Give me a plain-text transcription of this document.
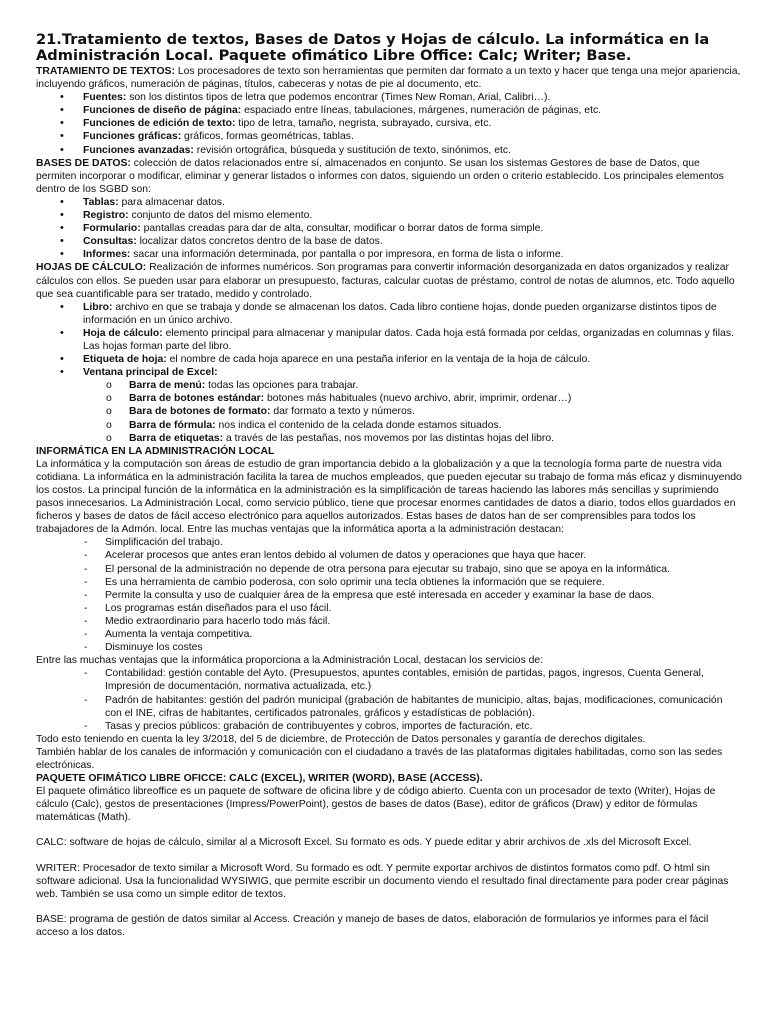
21.Tratamiento de textos, Bases de Datos y Hojas de cálculo. La informática en la Administración Local. Paquete ofimático Libre Office: Calc; Writer; Base.

TRATAMIENTO DE TEXTOS: Los procesadores de texto son herramientas que permiten dar formato a un texto y hacer que tenga una mejor apariencia, incluyendo gráficos, numeración de páginas, títulos, cabeceras y notas de pie al documento, etc.

• Fuentes: son los distintos tipos de letra que podemos encontrar (Times New Roman, Arial, Calibri…).
• Funciones de diseño de página: espaciado entre líneas, tabulaciones, márgenes, numeración de páginas, etc.
• Funciones de edición de texto: tipo de letra, tamaño, negrista, subrayado, cursiva, etc.
• Funciones gráficas: gráficos, formas geométricas, tablas.
• Funciones avanzadas: revisión ortográfica, búsqueda y sustitución de texto, sinónimos, etc.

BASES DE DATOS: colección de datos relacionados entre sí, almacenados en conjunto. Se usan los sistemas Gestores de base de Datos, que permiten incorporar o modificar, eliminar y generar listados o informes con datos, siguiendo un orden o criterio establecido. Los principales elementos dentro de los SGBD son:

• Tablas: para almacenar datos.
• Registro: conjunto de datos del mismo elemento.
• Formulario: pantallas creadas para dar de alta, consultar, modificar o borrar datos de forma simple.
• Consultas: localizar datos concretos dentro de la base de datos.
• Informes: sacar una información determinada, por pantalla o por impresora, en forma de lista o informe.

HOJAS DE CÁLCULO: Realización de informes numéricos. Son programas para convertir información desorganizada en datos organizados y realizar cálculos con ellos. Se pueden usar para elaborar un presupuesto, facturas, calcular cuotas de préstamo, control de notas de alumnos, etc. Todo aquello que sea cuantificable para ser tratado, medido y controlado.

• Libro: archivo en que se trabaja y donde se almacenan los datos. Cada libro contiene hojas, donde pueden organizarse distintos tipos de información en un único archivo.
• Hoja de cálculo: elemento principal para almacenar y manipular datos. Cada hoja está formada por celdas, organizadas en columnas y filas. Las hojas forman parte del libro.
• Etiqueta de hoja: el nombre de cada hoja aparece en una pestaña inferior en la ventaja de la hoja de cálculo.
• Ventana principal de Excel:
o Barra de menú: todas las opciones para trabajar.
o Barra de botones estándar: botones más habituales (nuevo archivo, abrir, imprimir, ordenar…)
o Bara de botones de formato: dar formato a texto y números.
o Barra de fórmula: nos indica el contenido de la celada donde estamos situados.
o Barra de etiquetas: a través de las pestañas, nos movemos por las distintas hojas del libro.

INFORMÁTICA EN LA ADMINISTRACIÓN LOCAL

La informática y la computación son áreas de estudio de gran importancia debido a la globalización y a que la tecnología forma parte de nuestra vida cotidiana. La informática en la administración facilita la tarea de muchos empleados, que pueden ejecutar su trabajo de forma más eficaz y disminuyendo los costos. La principal función de la informática en la administración es la simplificación de tareas haciendo las labores más sencillas y suprimiendo pasos innecesarios. La Administración Local, como servicio público, tiene que procesar enormes cantidades de datos a diario, todos ellos guardados en ficheros y bases de datos de fácil acceso electrónico para aquellos autorizados. Estas bases de datos han de ser comprensibles para todos los trabajadores de la Admón. local. Entre las muchas ventajas que la informática aporta a la administración destacan:

- Simplificación del trabajo.
- Acelerar procesos que antes eran lentos debido al volumen de datos y operaciones que haya que hacer.
- El personal de la administración no depende de otra persona para ejecutar su trabajo, sino que se apoya en la informática.
- Es una herramienta de cambio poderosa, con solo oprimir una tecla obtienes la información que se requiere.
- Permite la consulta y uso de cualquier área de la empresa que esté interesada en acceder y examinar la base de daos.
- Los programas están diseñados para el uso fácil.
- Medio extraordinario para hacerlo todo más fácil.
- Aumenta la ventaja competitiva.
- Disminuye los costes

Entre las muchas ventajas que la informática proporciona a la Administración Local, destacan los servicios de:

- Contabilidad: gestión contable del Ayto. (Presupuestos, apuntes contables, emisión de partidas, pagos, ingresos, Cuenta General, Impresión de documentación, normativa actualizada, etc.)
- Padrón de habitantes: gestión del padrón municipal (grabación de habitantes de municipio, altas, bajas, modificaciones, comunicación con el INE, cifras de habitantes, certificados patronales, gráficos y estadísticas de población).
- Tasas y precios públicos: grabación de contribuyentes y cobros, importes de facturación, etc.

Todo esto teniendo en cuenta la ley 3/2018, del 5 de diciembre, de Protección de Datos personales y garantía de derechos digitales.

También hablar de los canales de información y comunicación con el ciudadano a través de las plataformas digitales habilitadas, como son las sedes electrónicas.

PAQUETE OFIMÁTICO LIBRE OFICCE: CALC (EXCEL), WRITER (WORD), BASE (ACCESS).

El paquete ofimático libreoffice es un paquete de software de oficina libre y de código abierto. Cuenta con un procesador de texto (Writer), Hojas de cálculo (Calc), gestos de presentaciones (Impress/PowerPoint), gestos de bases de datos (Base), editor de gráficos (Draw) y editor de fórmulas matemáticas (Math).

CALC: software de hojas de cálculo, similar al a Microsoft Excel. Su formato es ods. Y puede editar y abrir archivos de .xls del Microsoft Excel.

WRITER: Procesador de texto similar a Microsoft Word. Su formado es odt. Y permite exportar archivos de distintos formatos como pdf. O html sin software adicional. Usa la funcionalidad WYSIWIG, que permite escribir un documento viendo el resultado final directamente para poder crear páginas web. También se usa como un simple editor de textos.

BASE: programa de gestión de datos similar al Access. Creación y manejo de bases de datos, elaboración de formularios ye informes para el fácil acceso a los datos.
